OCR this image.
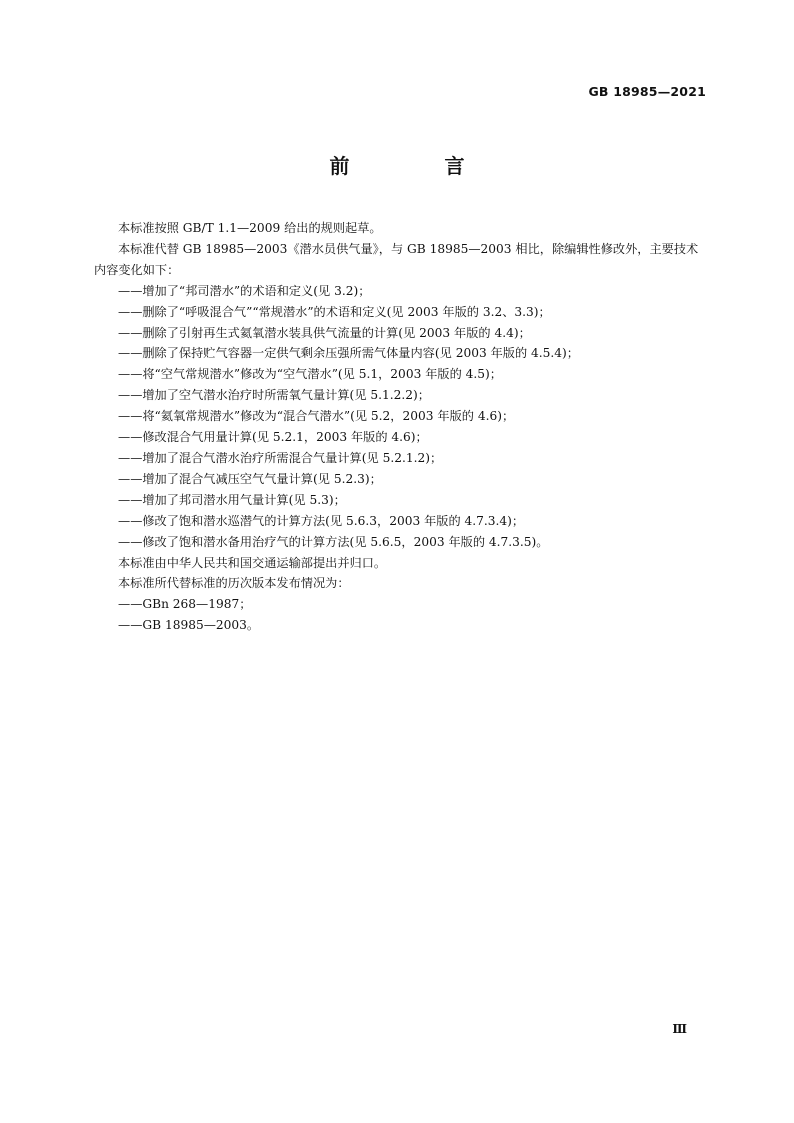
GB 18985—2021
前 言

本标准按照 GB/T 1.1—2009 给出的规则起草。

本标准代替 GB 18985—2003《潜水员供气量》，与 GB 18985—2003 相比，除编辑性修改外，主要技术内容变化如下：

——增加了“邦司潜水”的术语和定义(见 3.2)；

——删除了“呼吸混合气”“常规潜水”的术语和定义(见 2003 年版的 3.2、3.3)；

——删除了引射再生式氦氧潜水装具供气流量的计算(见 2003 年版的 4.4)；

——删除了保持贮气容器一定供气剩余压强所需气体量内容(见 2003 年版的 4.5.4)；

——将“空气常规潜水”修改为“空气潜水”(见 5.1，2003 年版的 4.5)；

——增加了空气潜水治疗时所需氧气量计算(见 5.1.2.2)；

——将“氦氧常规潜水”修改为“混合气潜水”(见 5.2，2003 年版的 4.6)；

——修改混合气用量计算(见 5.2.1，2003 年版的 4.6)；

——增加了混合气潜水治疗所需混合气量计算(见 5.2.1.2)；

——增加了混合气减压空气气量计算(见 5.2.3)；

——增加了邦司潜水用气量计算(见 5.3)；

——修改了饱和潜水巡潜气的计算方法(见 5.6.3，2003 年版的 4.7.3.4)；

——修改了饱和潜水备用治疗气的计算方法(见 5.6.5，2003 年版的 4.7.3.5)。

本标准由中华人民共和国交通运输部提出并归口。

本标准所代替标准的历次版本发布情况为：

——GBn 268—1987；

——GB 18985—2003。

Ⅲ
